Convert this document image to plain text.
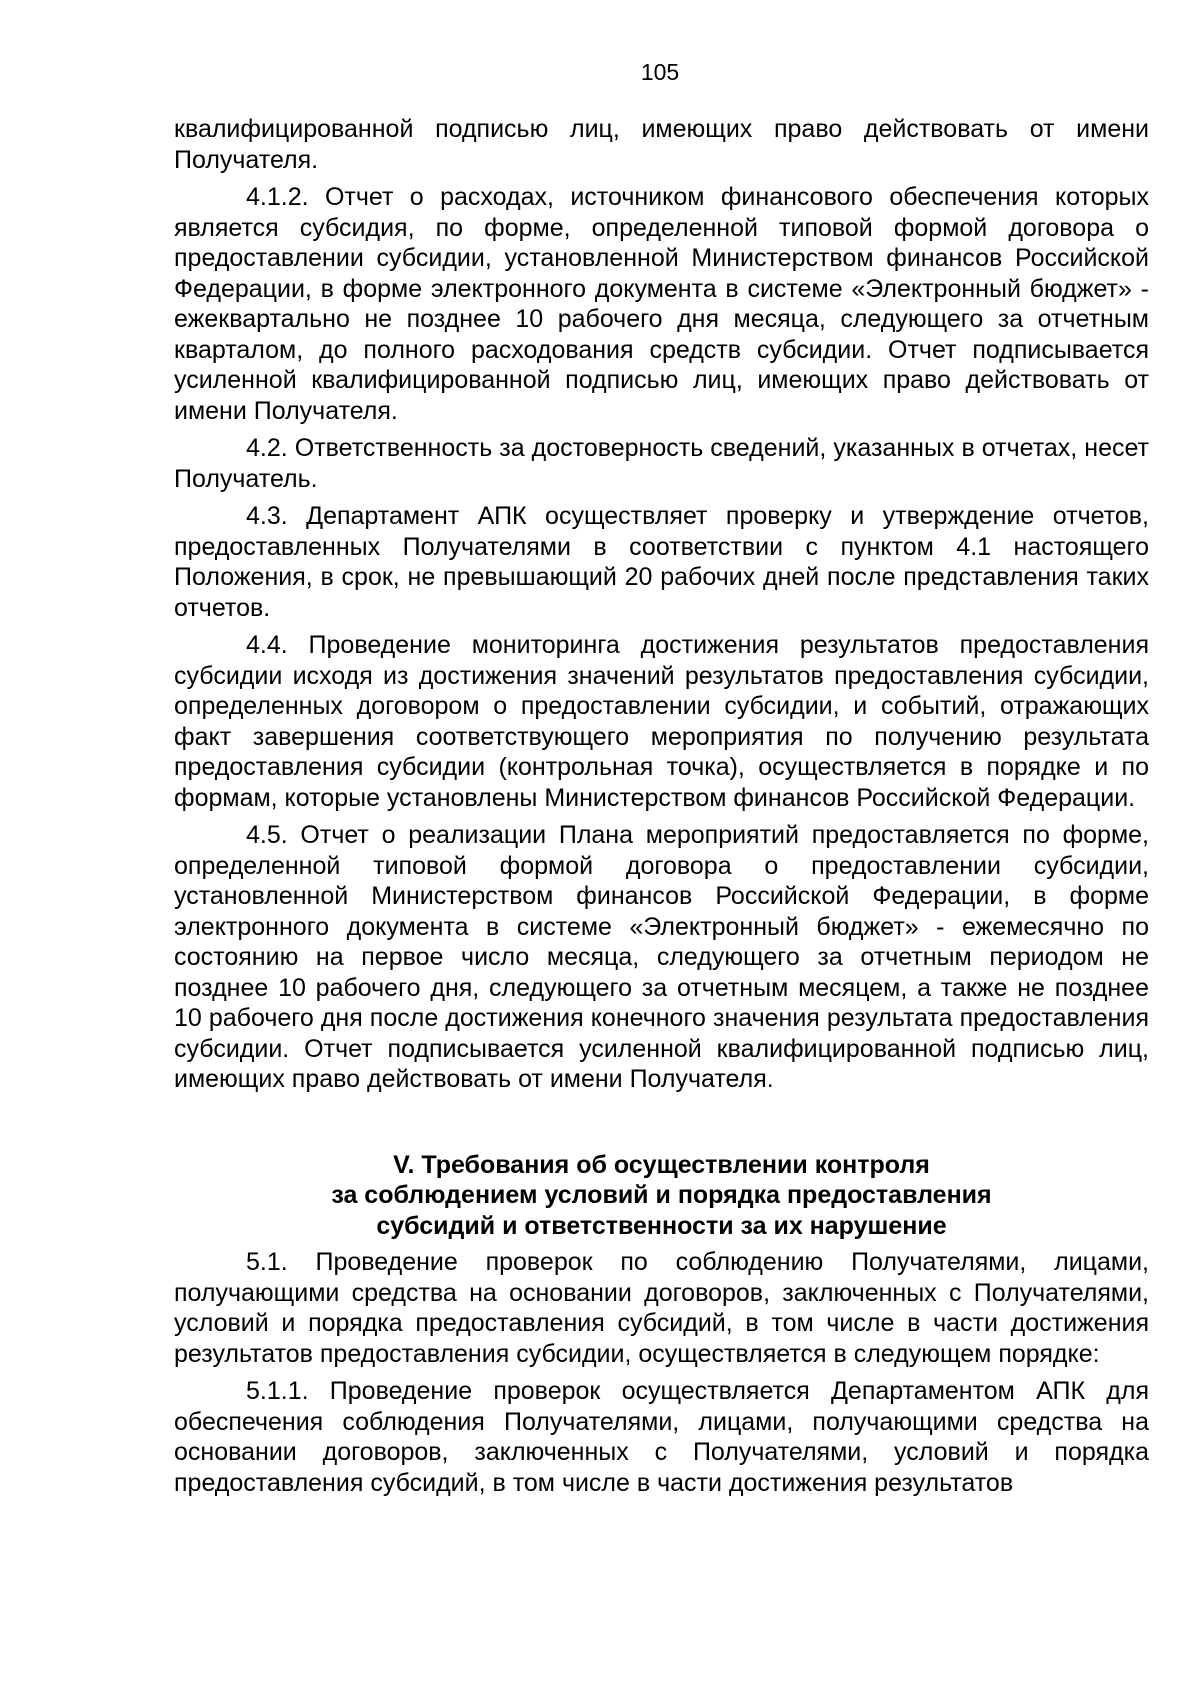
105

квалифицированной подписью лиц, имеющих право действовать от имени Получателя.

4.1.2. Отчет о расходах, источником финансового обеспечения которых является субсидия, по форме, определенной типовой формой договора о предоставлении субсидии, установленной Министерством финансов Российской Федерации, в форме электронного документа в системе «Электронный бюджет» - ежеквартально не позднее 10 рабочего дня месяца, следующего за отчетным кварталом, до полного расходования средств субсидии. Отчет подписывается усиленной квалифицированной подписью лиц, имеющих право действовать от имени Получателя.

4.2. Ответственность за достоверность сведений, указанных в отчетах, несет Получатель.

4.3. Департамент АПК осуществляет проверку и утверждение отчетов, предоставленных Получателями в соответствии с пунктом 4.1 настоящего Положения, в срок, не превышающий 20 рабочих дней после представления таких отчетов.

4.4. Проведение мониторинга достижения результатов предоставления субсидии исходя из достижения значений результатов предоставления субсидии, определенных договором о предоставлении субсидии, и событий, отражающих факт завершения соответствующего мероприятия по получению результата предоставления субсидии (контрольная точка), осуществляется в порядке и по формам, которые установлены Министерством финансов Российской Федерации.

4.5. Отчет о реализации Плана мероприятий предоставляется по форме, определенной типовой формой договора о предоставлении субсидии, установленной Министерством финансов Российской Федерации, в форме электронного документа в системе «Электронный бюджет» - ежемесячно по состоянию на первое число месяца, следующего за отчетным периодом не позднее 10 рабочего дня, следующего за отчетным месяцем, а также не позднее 10 рабочего дня после достижения конечного значения результата предоставления субсидии. Отчет подписывается усиленной квалифицированной подписью лиц, имеющих право действовать от имени Получателя.

V. Требования об осуществлении контроля
за соблюдением условий и порядка предоставления
субсидий и ответственности за их нарушение

5.1. Проведение проверок по соблюдению Получателями, лицами, получающими средства на основании договоров, заключенных с Получателями, условий и порядка предоставления субсидий, в том числе в части достижения результатов предоставления субсидии, осуществляется в следующем порядке:

5.1.1. Проведение проверок осуществляется Департаментом АПК для обеспечения соблюдения Получателями, лицами, получающими средства на основании договоров, заключенных с Получателями, условий и порядка предоставления субсидий, в том числе в части достижения результатов
